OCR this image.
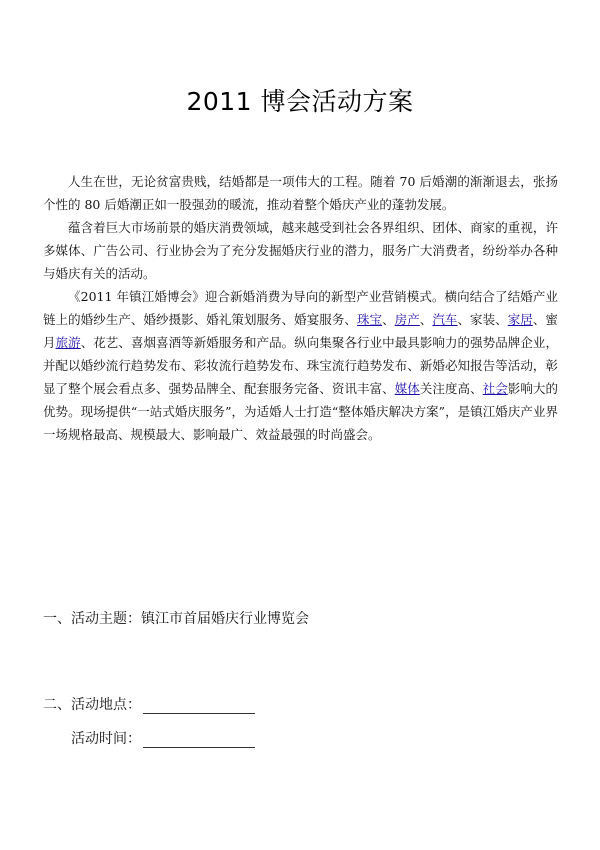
2011 博会活动方案

人生在世，无论贫富贵贱，结婚都是一项伟大的工程。随着 70 后婚潮的渐渐退去，张扬个性的 80 后婚潮正如一股强劲的暖流，推动着整个婚庆产业的蓬勃发展。

蕴含着巨大市场前景的婚庆消费领域，越来越受到社会各界组织、团体、商家的重视，许多媒体、广告公司、行业协会为了充分发掘婚庆行业的潜力，服务广大消费者，纷纷举办各种与婚庆有关的活动。

《2011 年镇江婚博会》迎合新婚消费为导向的新型产业营销模式。横向结合了结婚产业链上的婚纱生产、婚纱摄影、婚礼策划服务、婚宴服务、珠宝、房产、汽车、家装、家居、蜜月旅游、花艺、喜烟喜酒等新婚服务和产品。纵向集聚各行业中最具影响力的强势品牌企业，并配以婚纱流行趋势发布、彩妆流行趋势发布、珠宝流行趋势发布、新婚必知报告等活动，彰显了整个展会看点多、强势品牌全、配套服务完备、资讯丰富、媒体关注度高、社会影响大的优势。现场提供“一站式婚庆服务”，为适婚人士打造“整体婚庆解决方案”，是镇江婚庆产业界一场规格最高、规模最大、影响最广、效益最强的时尚盛会。

一、活动主题：镇江市首届婚庆行业博览会
二、活动地点：
活动时间：
